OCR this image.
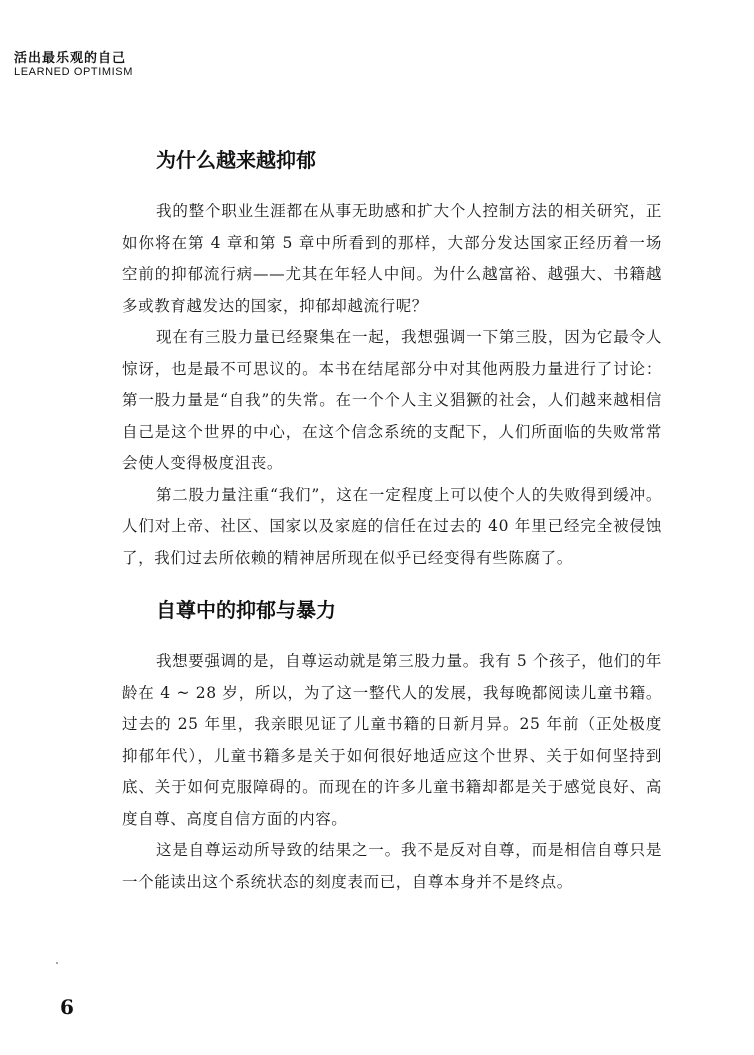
活出最乐观的自己
LEARNED OPTIMISM
为什么越来越抑郁

我的整个职业生涯都在从事无助感和扩大个人控制方法的相关研究，正如你将在第 4 章和第 5 章中所看到的那样，大部分发达国家正经历着一场空前的抑郁流行病——尤其在年轻人中间。为什么越富裕、越强大、书籍越多或教育越发达的国家，抑郁却越流行呢？

现在有三股力量已经聚集在一起，我想强调一下第三股，因为它最令人惊讶，也是最不可思议的。本书在结尾部分中对其他两股力量进行了讨论：第一股力量是“自我”的失常。在一个个人主义猖獗的社会，人们越来越相信自己是这个世界的中心，在这个信念系统的支配下，人们所面临的失败常常会使人变得极度沮丧。

第二股力量注重“我们”，这在一定程度上可以使个人的失败得到缓冲。人们对上帝、社区、国家以及家庭的信任在过去的 40 年里已经完全被侵蚀了，我们过去所依赖的精神居所现在似乎已经变得有些陈腐了。

自尊中的抑郁与暴力

我想要强调的是，自尊运动就是第三股力量。我有 5 个孩子，他们的年龄在 4 ~ 28 岁，所以，为了这一整代人的发展，我每晚都阅读儿童书籍。过去的 25 年里，我亲眼见证了儿童书籍的日新月异。25 年前（正处极度抑郁年代），儿童书籍多是关于如何很好地适应这个世界、关于如何坚持到底、关于如何克服障碍的。而现在的许多儿童书籍却都是关于感觉良好、高度自尊、高度自信方面的内容。

这是自尊运动所导致的结果之一。我不是反对自尊，而是相信自尊只是一个能读出这个系统状态的刻度表而已，自尊本身并不是终点。

6
